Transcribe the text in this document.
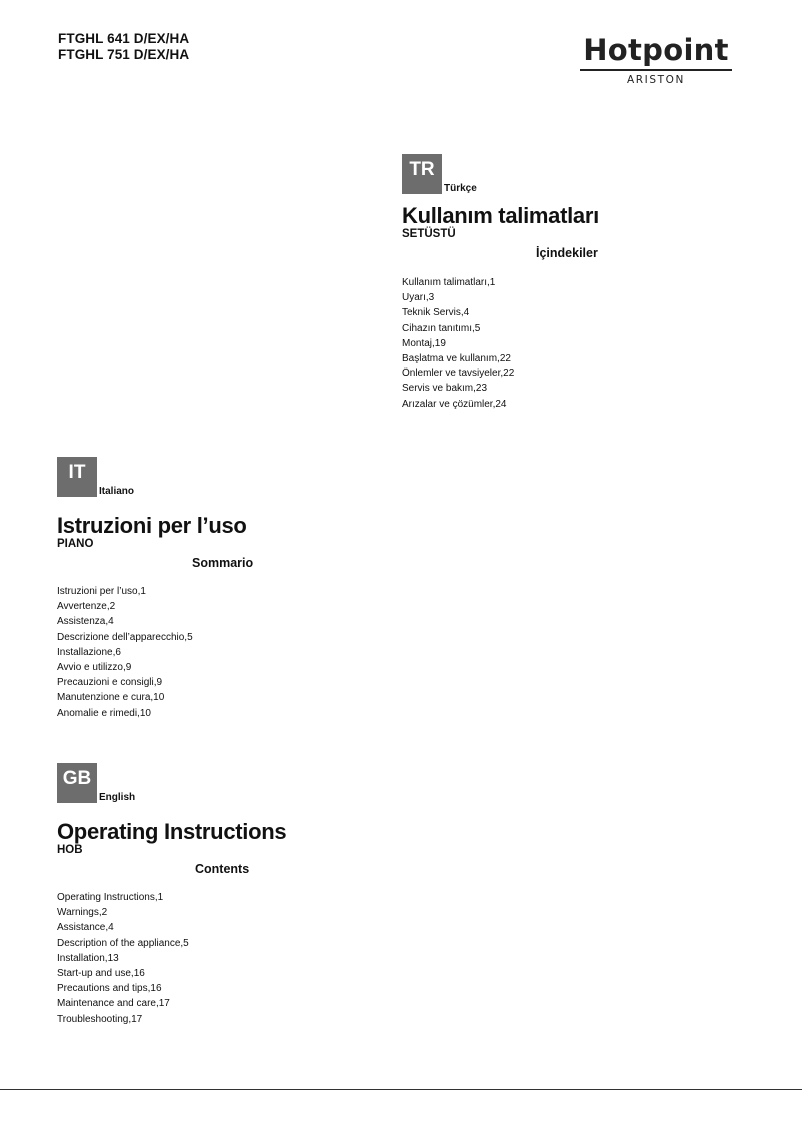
FTGHL 641 D/EX/HA
FTGHL 751 D/EX/HA	Hotpoint
ARISTON
TR
Türkçe
Kullanım talimatları
SETÜSTÜ
İçindekiler
Kullanım talimatları,1
Uyarı,3
Teknik Servis,4
Cihazın tanıtımı,5
Montaj,19
Başlatma ve kullanım,22
Önlemler ve tavsiyeler,22
Servis ve bakım,23
Arızalar ve çözümler,24
IT
Italiano
Istruzioni per l’uso
PIANO
Sommario
Istruzioni per l’uso,1
Avvertenze,2
Assistenza,4
Descrizione dell’apparecchio,5
Installazione,6
Avvio e utilizzo,9
Precauzioni e consigli,9
Manutenzione e cura,10
Anomalie e rimedi,10
GB
English
Operating Instructions
HOB
Contents
Operating Instructions,1
Warnings,2
Assistance,4
Description of the appliance,5
Installation,13
Start-up and use,16
Precautions and tips,16
Maintenance and care,17
Troubleshooting,17
